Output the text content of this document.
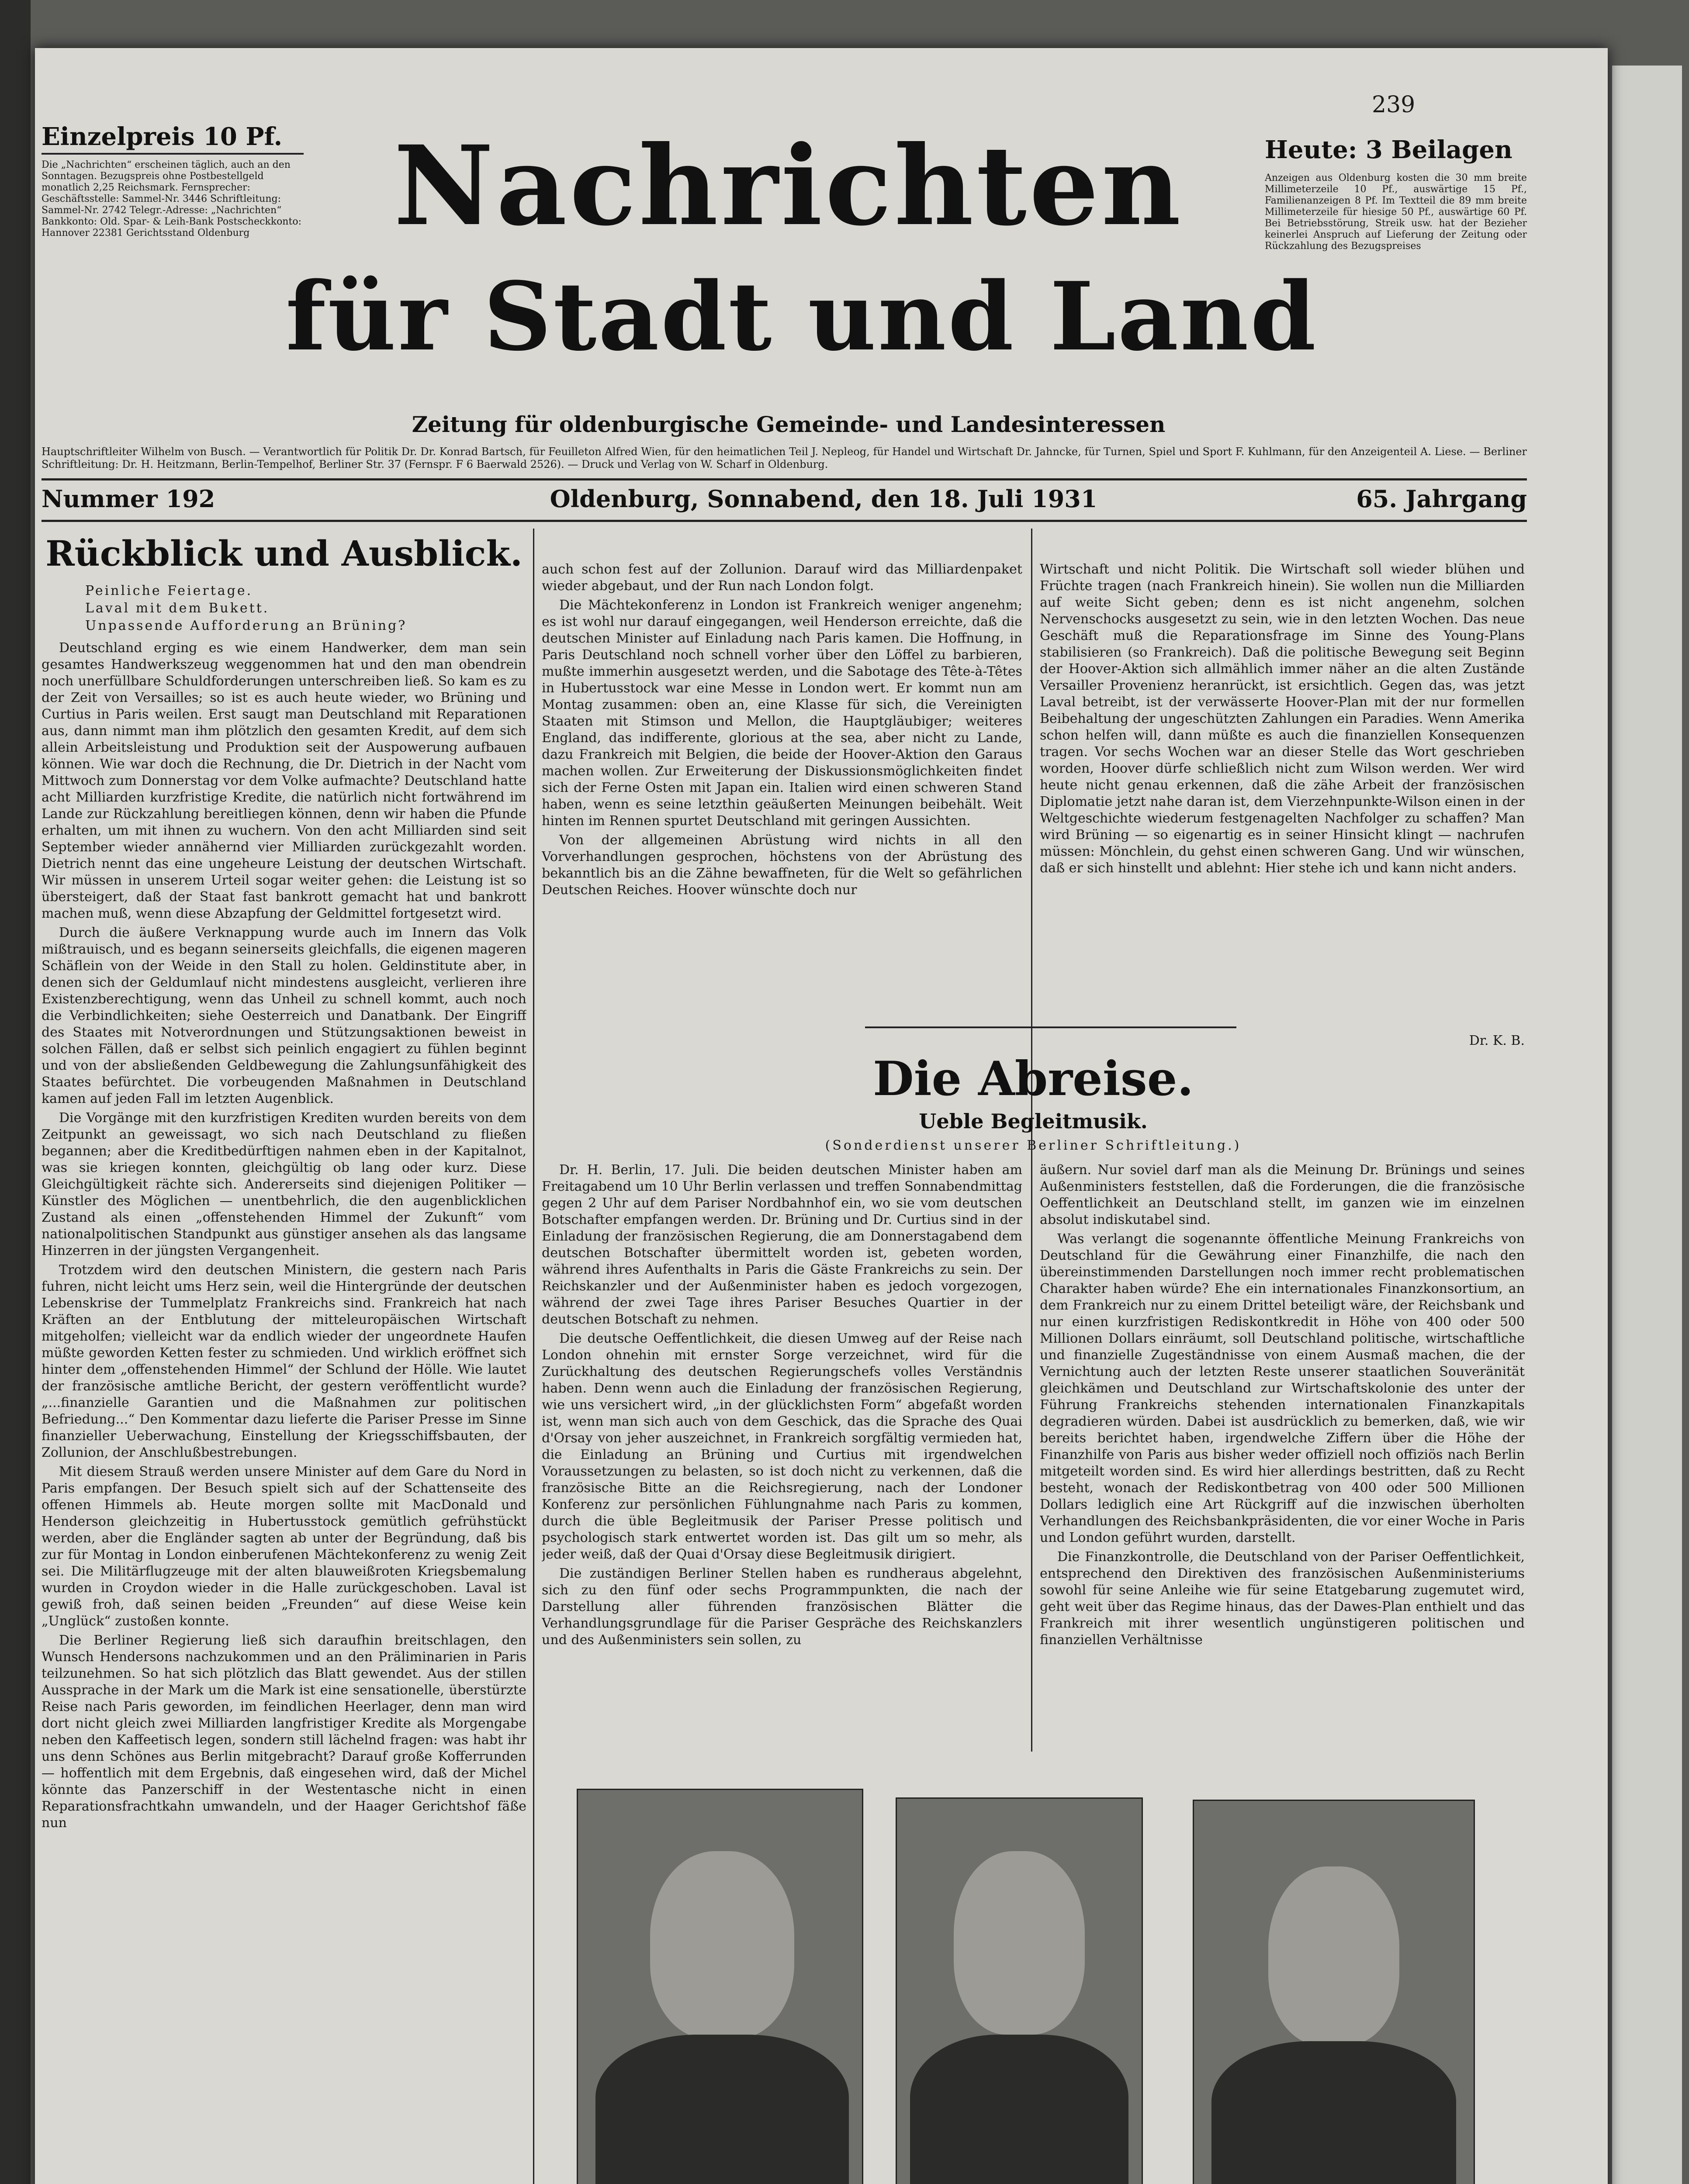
239
Einzelpreis 10 Pf.
Die „Nachrichten“ erscheinen täglich, auch an den Sonntagen. Bezugspreis ohne Postbestellgeld monatlich 2,25 Reichsmark. Fernsprecher: Geschäftsstelle: Sammel-Nr. 3446 Schriftleitung: Sammel-Nr. 2742 Telegr.-Adresse: „Nachrichten“ Bankkonto: Old. Spar- & Leih-Bank Postscheckkonto: Hannover 22381 Gerichtsstand Oldenburg
Heute: 3 Beilagen
Anzeigen aus Oldenburg kosten die 30 mm breite Millimeterzeile 10 Pf., auswärtige 15 Pf., Familienanzeigen 8 Pf. Im Textteil die 89 mm breite Millimeterzeile für hiesige 50 Pf., auswärtige 60 Pf. Bei Betriebsstörung, Streik usw. hat der Bezieher keinerlei Anspruch auf Lieferung der Zeitung oder Rückzahlung des Bezugspreises
Nachrichten
für Stadt und Land
Zeitung für oldenburgische Gemeinde- und Landesinteressen
Hauptschriftleiter Wilhelm von Busch. — Verantwortlich für Politik Dr. Dr. Konrad Bartsch, für Feuilleton Alfred Wien, für den heimatlichen Teil J. Nepleog, für Handel und Wirtschaft Dr. Jahncke, für Turnen, Spiel und Sport F. Kuhlmann, für den Anzeigenteil A. Liese. — Berliner Schriftleitung: Dr. H. Heitzmann, Berlin-Tempelhof, Berliner Str. 37 (Fernspr. F 6 Baerwald 2526). — Druck und Verlag von W. Scharf in Oldenburg.
Nummer 192	Oldenburg, Sonnabend, den 18. Juli 1931	65. Jahrgang
Rückblick und Ausblick.
Peinliche Feiertage.
Laval mit dem Bukett.
Unpassende Aufforderung an Brüning?

Deutschland erging es wie einem Handwerker, dem man sein gesamtes Handwerkszeug weggenommen hat und den man obendrein noch unerfüllbare Schuldforderungen unterschreiben ließ. So kam es zu der Zeit von Versailles; so ist es auch heute wieder, wo Brüning und Curtius in Paris weilen. Erst saugt man Deutschland mit Reparationen aus, dann nimmt man ihm plötzlich den gesamten Kredit, auf dem sich allein Arbeitsleistung und Produktion seit der Auspowerung aufbauen können. Wie war doch die Rechnung, die Dr. Dietrich in der Nacht vom Mittwoch zum Donnerstag vor dem Volke aufmachte? Deutschland hatte acht Milliarden kurzfristige Kredite, die natürlich nicht fortwährend im Lande zur Rückzahlung bereitliegen können, denn wir haben die Pfunde erhalten, um mit ihnen zu wuchern. Von den acht Milliarden sind seit September wieder annähernd vier Milliarden zurückgezahlt worden. Dietrich nennt das eine ungeheure Leistung der deutschen Wirtschaft. Wir müssen in unserem Urteil sogar weiter gehen: die Leistung ist so übersteigert, daß der Staat fast bankrott gemacht hat und bankrott machen muß, wenn diese Abzapfung der Geldmittel fortgesetzt wird.

Durch die äußere Verknappung wurde auch im Innern das Volk mißtrauisch, und es begann seinerseits gleichfalls, die eigenen mageren Schäflein von der Weide in den Stall zu holen. Geldinstitute aber, in denen sich der Geldumlauf nicht mindestens ausgleicht, verlieren ihre Existenzberechtigung, wenn das Unheil zu schnell kommt, auch noch die Verbindlichkeiten; siehe Oesterreich und Danatbank. Der Eingriff des Staates mit Notverordnungen und Stützungsaktionen beweist in solchen Fällen, daß er selbst sich peinlich engagiert zu fühlen beginnt und von der absließenden Geldbewegung die Zahlungsunfähigkeit des Staates befürchtet. Die vorbeugenden Maßnahmen in Deutschland kamen auf jeden Fall im letzten Augenblick.

Die Vorgänge mit den kurzfristigen Krediten wurden bereits von dem Zeitpunkt an geweissagt, wo sich nach Deutschland zu fließen begannen; aber die Kreditbedürftigen nahmen eben in der Kapitalnot, was sie kriegen konnten, gleichgültig ob lang oder kurz. Diese Gleichgültigkeit rächte sich. Andererseits sind diejenigen Politiker — Künstler des Möglichen — unentbehrlich, die den augenblicklichen Zustand als einen „offenstehenden Himmel der Zukunft“ vom nationalpolitischen Standpunkt aus günstiger ansehen als das langsame Hinzerren in der jüngsten Vergangenheit.

Trotzdem wird den deutschen Ministern, die gestern nach Paris fuhren, nicht leicht ums Herz sein, weil die Hintergründe der deutschen Lebenskrise der Tummelplatz Frankreichs sind. Frankreich hat nach Kräften an der Entblutung der mitteleuropäischen Wirtschaft mitgeholfen; vielleicht war da endlich wieder der ungeordnete Haufen müßte geworden Ketten fester zu schmieden. Und wirklich eröffnet sich hinter dem „offenstehenden Himmel“ der Schlund der Hölle. Wie lautet der französische amtliche Bericht, der gestern veröffentlicht wurde? „...finanzielle Garantien und die Maßnahmen zur politischen Befriedung...“ Den Kommentar dazu lieferte die Pariser Presse im Sinne finanzieller Ueberwachung, Einstellung der Kriegsschiffsbauten, der Zollunion, der Anschlußbestrebungen.

Mit diesem Strauß werden unsere Minister auf dem Gare du Nord in Paris empfangen. Der Besuch spielt sich auf der Schattenseite des offenen Himmels ab. Heute morgen sollte mit MacDonald und Henderson gleichzeitig in Hubertusstock gemütlich gefrühstückt werden, aber die Engländer sagten ab unter der Begründung, daß bis zur für Montag in London einberufenen Mächtekonferenz zu wenig Zeit sei. Die Militärflugzeuge mit der alten blauweißroten Kriegsbemalung wurden in Croydon wieder in die Halle zurückgeschoben. Laval ist gewiß froh, daß seinen beiden „Freunden“ auf diese Weise kein „Unglück“ zustoßen konnte.

Die Berliner Regierung ließ sich daraufhin breitschlagen, den Wunsch Hendersons nachzukommen und an den Präliminarien in Paris teilzunehmen. So hat sich plötzlich das Blatt gewendet. Aus der stillen Aussprache in der Mark um die Mark ist eine sensationelle, überstürzte Reise nach Paris geworden, im feindlichen Heerlager, denn man wird dort nicht gleich zwei Milliarden langfristiger Kredite als Morgengabe neben den Kaffeetisch legen, sondern still lächelnd fragen: was habt ihr uns denn Schönes aus Berlin mitgebracht? Darauf große Kofferrunden — hoffentlich mit dem Ergebnis, daß eingesehen wird, daß der Michel könnte das Panzerschiff in der Westentasche nicht in einen Reparationsfrachtkahn umwandeln, und der Haager Gerichtshof fäße nun

auch schon fest auf der Zollunion. Darauf wird das Milliardenpaket wieder abgebaut, und der Run nach London folgt.

Die Mächtekonferenz in London ist Frankreich weniger angenehm; es ist wohl nur darauf eingegangen, weil Henderson erreichte, daß die deutschen Minister auf Einladung nach Paris kamen. Die Hoffnung, in Paris Deutschland noch schnell vorher über den Löffel zu barbieren, mußte immerhin ausgesetzt werden, und die Sabotage des Tête-à-Têtes in Hubertusstock war eine Messe in London wert. Er kommt nun am Montag zusammen: oben an, eine Klasse für sich, die Vereinigten Staaten mit Stimson und Mellon, die Hauptgläubiger; weiteres England, das indifferente, glorious at the sea, aber nicht zu Lande, dazu Frankreich mit Belgien, die beide der Hoover-Aktion den Garaus machen wollen. Zur Erweiterung der Diskussionsmöglichkeiten findet sich der Ferne Osten mit Japan ein. Italien wird einen schweren Stand haben, wenn es seine letzthin geäußerten Meinungen beibehält. Weit hinten im Rennen spurtet Deutschland mit geringen Aussichten.

Von der allgemeinen Abrüstung wird nichts in all den Vorverhandlungen gesprochen, höchstens von der Abrüstung des bekanntlich bis an die Zähne bewaffneten, für die Welt so gefährlichen Deutschen Reiches. Hoover wünschte doch nur

Wirtschaft und nicht Politik. Die Wirtschaft soll wieder blühen und Früchte tragen (nach Frankreich hinein). Sie wollen nun die Milliarden auf weite Sicht geben; denn es ist nicht angenehm, solchen Nervenschocks ausgesetzt zu sein, wie in den letzten Wochen. Das neue Geschäft muß die Reparationsfrage im Sinne des Young-Plans stabilisieren (so Frankreich). Daß die politische Bewegung seit Beginn der Hoover-Aktion sich allmählich immer näher an die alten Zustände Versailler Provenienz heranrückt, ist ersichtlich. Gegen das, was jetzt Laval betreibt, ist der verwässerte Hoover-Plan mit der nur formellen Beibehaltung der ungeschützten Zahlungen ein Paradies. Wenn Amerika schon helfen will, dann müßte es auch die finanziellen Konsequenzen tragen. Vor sechs Wochen war an dieser Stelle das Wort geschrieben worden, Hoover dürfe schließlich nicht zum Wilson werden. Wer wird heute nicht genau erkennen, daß die zähe Arbeit der französischen Diplomatie jetzt nahe daran ist, dem Vierzehnpunkte-Wilson einen in der Weltgeschichte wiederum festgenagelten Nachfolger zu schaffen? Man wird Brüning — so eigenartig es in seiner Hinsicht klingt — nachrufen müssen: Mönchlein, du gehst einen schweren Gang. Und wir wünschen, daß er sich hinstellt und ablehnt: Hier stehe ich und kann nicht anders.

Dr. K. B.
Die Abreise.
Ueble Begleitmusik.
(Sonderdienst unserer Berliner Schriftleitung.)

Dr. H. Berlin, 17. Juli. Die beiden deutschen Minister haben am Freitagabend um 10 Uhr Berlin verlassen und treffen Sonnabendmittag gegen 2 Uhr auf dem Pariser Nordbahnhof ein, wo sie vom deutschen Botschafter empfangen werden. Dr. Brüning und Dr. Curtius sind in der Einladung der französischen Regierung, die am Donnerstagabend dem deutschen Botschafter übermittelt worden ist, gebeten worden, während ihres Aufenthalts in Paris die Gäste Frankreichs zu sein. Der Reichskanzler und der Außenminister haben es jedoch vorgezogen, während der zwei Tage ihres Pariser Besuches Quartier in der deutschen Botschaft zu nehmen.

Die deutsche Oeffentlichkeit, die diesen Umweg auf der Reise nach London ohnehin mit ernster Sorge verzeichnet, wird für die Zurückhaltung des deutschen Regierungschefs volles Verständnis haben. Denn wenn auch die Einladung der französischen Regierung, wie uns versichert wird, „in der glücklichsten Form“ abgefaßt worden ist, wenn man sich auch von dem Geschick, das die Sprache des Quai d'Orsay von jeher auszeichnet, in Frankreich sorgfältig vermieden hat, die Einladung an Brüning und Curtius mit irgendwelchen Voraussetzungen zu belasten, so ist doch nicht zu verkennen, daß die französische Bitte an die Reichsregierung, nach der Londoner Konferenz zur persönlichen Fühlungnahme nach Paris zu kommen, durch die üble Begleitmusik der Pariser Presse politisch und psychologisch stark entwertet worden ist. Das gilt um so mehr, als jeder weiß, daß der Quai d'Orsay diese Begleitmusik dirigiert.

Die zuständigen Berliner Stellen haben es rundheraus abgelehnt, sich zu den fünf oder sechs Programmpunkten, die nach der Darstellung aller führenden französischen Blätter die Verhandlungsgrundlage für die Pariser Gespräche des Reichskanzlers und des Außenministers sein sollen, zu

äußern. Nur soviel darf man als die Meinung Dr. Brünings und seines Außenministers feststellen, daß die Forderungen, die die französische Oeffentlichkeit an Deutschland stellt, im ganzen wie im einzelnen absolut indiskutabel sind.

Was verlangt die sogenannte öffentliche Meinung Frankreichs von Deutschland für die Gewährung einer Finanzhilfe, die nach den übereinstimmenden Darstellungen noch immer recht problematischen Charakter haben würde? Ehe ein internationales Finanzkonsortium, an dem Frankreich nur zu einem Drittel beteiligt wäre, der Reichsbank und nur einen kurzfristigen Rediskontkredit in Höhe von 400 oder 500 Millionen Dollars einräumt, soll Deutschland politische, wirtschaftliche und finanzielle Zugeständnisse von einem Ausmaß machen, die der Vernichtung auch der letzten Reste unserer staatlichen Souveränität gleichkämen und Deutschland zur Wirtschaftskolonie des unter der Führung Frankreichs stehenden internationalen Finanzkapitals degradieren würden. Dabei ist ausdrücklich zu bemerken, daß, wie wir bereits berichtet haben, irgendwelche Ziffern über die Höhe der Finanzhilfe von Paris aus bisher weder offiziell noch offiziös nach Berlin mitgeteilt worden sind. Es wird hier allerdings bestritten, daß zu Recht besteht, wonach der Rediskontbetrag von 400 oder 500 Millionen Dollars lediglich eine Art Rückgriff auf die inzwischen überholten Verhandlungen des Reichsbankpräsidenten, die vor einer Woche in Paris und London geführt wurden, darstellt.

Die Finanzkontrolle, die Deutschland von der Pariser Oeffentlichkeit, entsprechend den Direktiven des französischen Außenministeriums sowohl für seine Anleihe wie für seine Etatgebarung zugemutet wird, geht weit über das Regime hinaus, das der Dawes-Plan enthielt und das Frankreich mit ihrer wesentlich ungünstigeren politischen und finanziellen Verhältnisse
